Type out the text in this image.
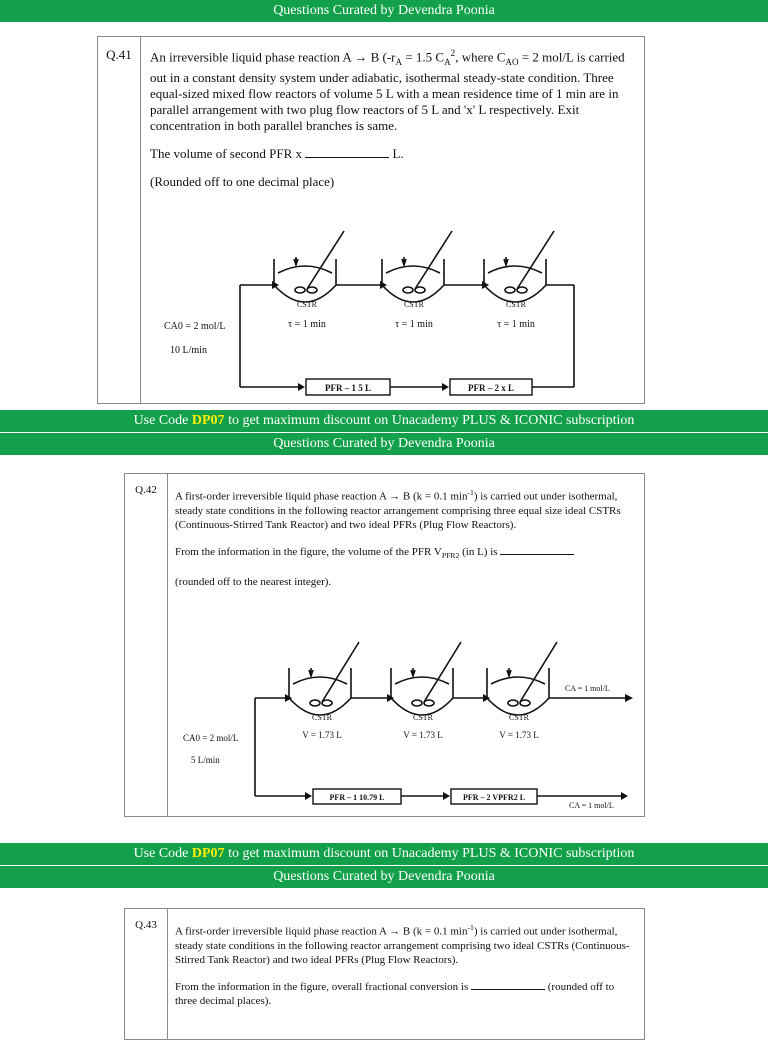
Questions Curated by Devendra Poonia
Use Code DP07 to get maximum discount on Unacademy PLUS & ICONIC subscription
Questions Curated by Devendra Poonia
Use Code DP07 to get maximum discount on Unacademy PLUS & ICONIC subscription
Questions Curated by Devendra Poonia
Q.41	An irreversible liquid phase reaction A → B ($-r_A = 1.5$ $C_A^2$, where $C_{AO} = 2$ mol/L is carried out in a constant density system under adiabatic, isothermal steady-state condition. Three equal-sized mixed flow reactors of volume 5 L with a mean residence time of 1 min are in parallel arrangement with two plug flow reactors of 5 L and 'x' L respectively. Exit concentration in both parallel branches is same.

The volume of second PFR x	L.

(Rounded off to one decimal place)

CSTR	CSTR	CSTR
τ = 1 min	τ = 1 min	τ = 1 min
CA0 = 2 mol/L
10 L/min
PFR – 1 5 L	PFR – 2 x L
Q.42

A first-order irreversible liquid phase reaction A → B (k = 0.1 $\min^{-1}$) is carried out under isothermal, steady state conditions in the following reactor arrangement comprising three equal size ideal CSTRs (Continuous-Stirred Tank Reactor) and two ideal PFRs (Plug Flow Reactors).

From the information in the figure, the volume of the PFR $V_{PFR2}$ (in L) is

(rounded off to the nearest integer).

CSTR	CSTR	CSTR
V = 1.73 L	V = 1.73 L	V = 1.73 L
CA0 = 2 mol/L
5 L/min
CA = 1 mol/L
CA = 1 mol/L
PFR – 1 10.79 L	PFR – 2 VPFR2 L
Q.43

A first-order irreversible liquid phase reaction A → B (k = 0.1 $\min^{-1}$) is carried out under isothermal, steady state conditions in the following reactor arrangement comprising two ideal CSTRs (Continuous-Stirred Tank Reactor) and two ideal PFRs (Plug Flow Reactors).

From the information in the figure, overall fractional conversion is	(rounded off to three decimal places).
